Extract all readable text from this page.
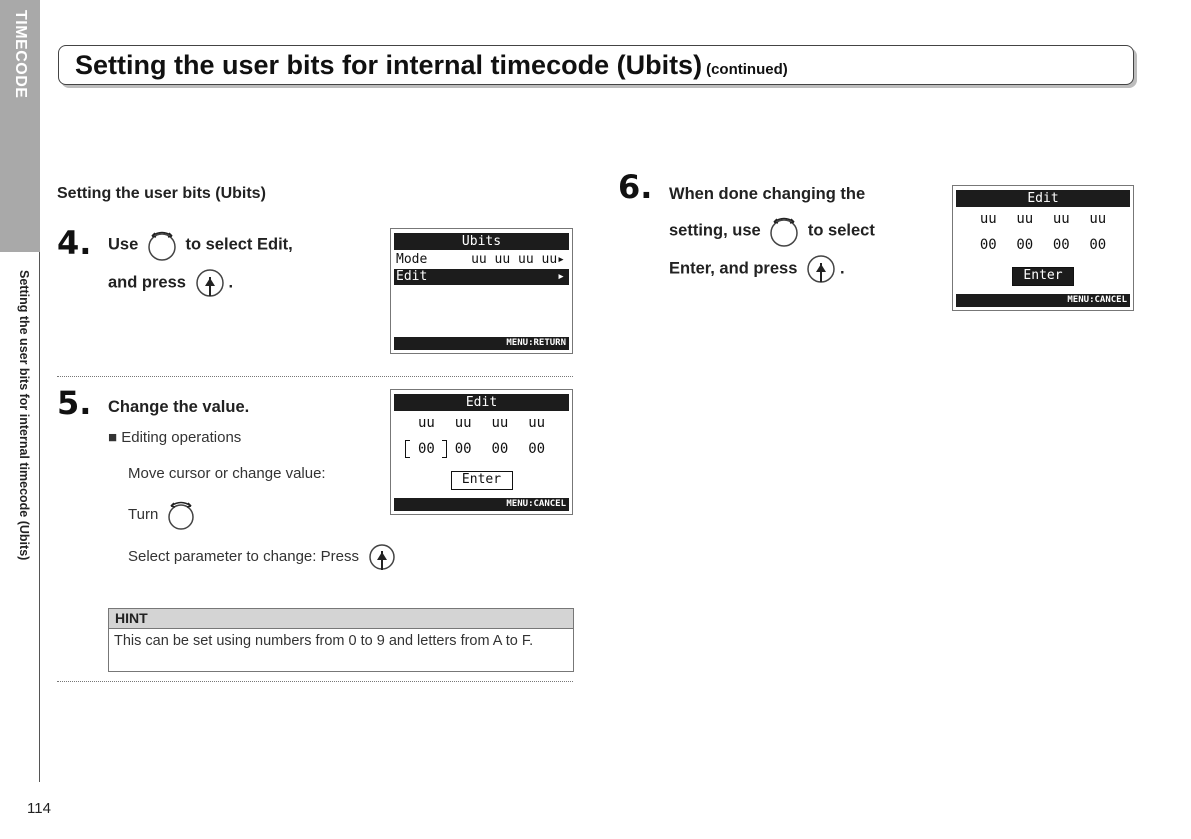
TIMECODE
Setting the user bits for internal timecode (Ubits)
114
Setting the user bits for internal timecode (Ubits) (continued)
Setting the user bits (Ubits)
4. Use	to select Edit,
and press	.
Ubits
Mode	uu uu uu uu▸
Edit	▸
MENU:RETURN
5. Change the value.
■ Editing operations
Move cursor or change value:
Turn
Select parameter to change: Press
Edit
uu	uu	uu	uu
00	00	00	00
Enter
MENU:CANCEL
HINT
This can be set using numbers from 0 to 9 and letters from A to F.
6. When done changing the
setting, use	to select
Enter, and press	.
Edit
uu	uu	uu	uu
00	00	00	00
Enter
MENU:CANCEL
